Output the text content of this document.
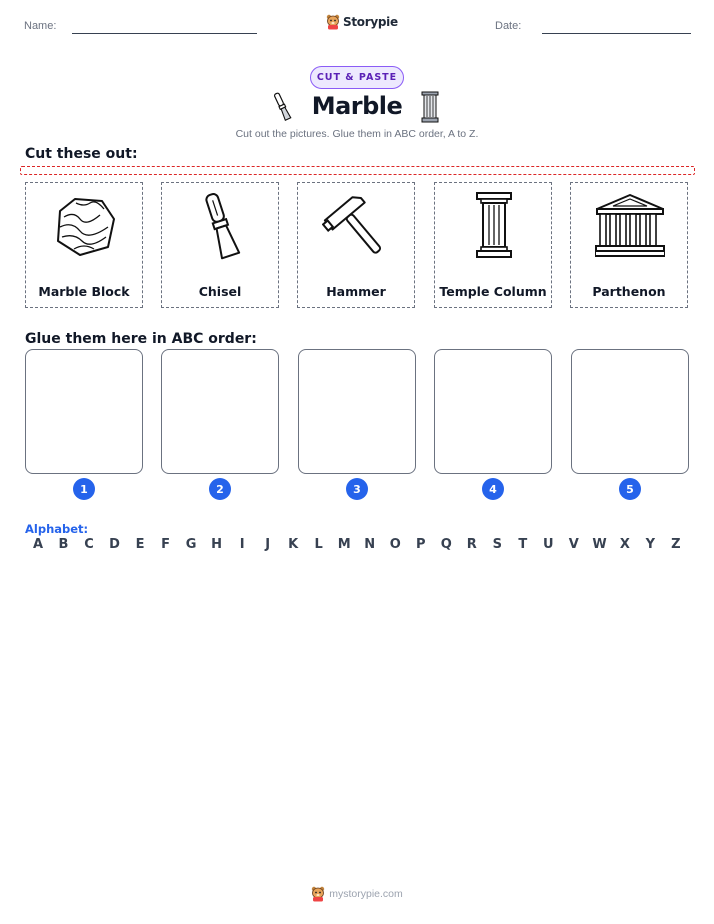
Name:	Storypie	Date:
CUT & PASTE
Marble
Cut out the pictures. Glue them in ABC order, A to Z.
Cut these out:
Marble Block	Chisel	Hammer	Temple Column	Parthenon
Glue them here in ABC order:
1	2	3	4	5
Alphabet:
A B C D E F G H	I	J	K L M N O P Q R S T U V W X Y Z
mystorypie.com
